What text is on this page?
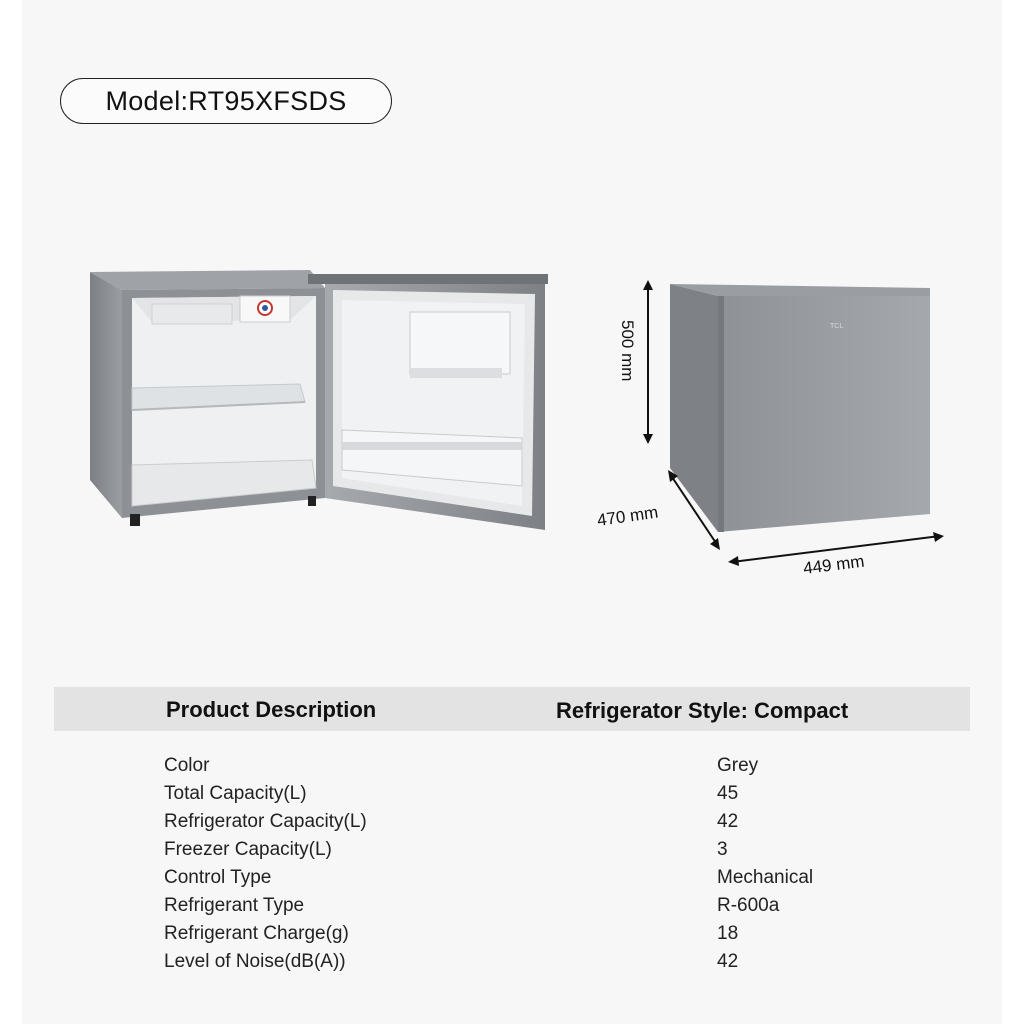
Model:RT95XFSDS
TCL
500 mm
470 mm
449 mm
Product Description	Refrigerator Style: Compact
Color	Grey
Total Capacity(L)	45
Refrigerator Capacity(L)	42
Freezer Capacity(L)	3
Control Type	Mechanical
Refrigerant Type	R-600a
Refrigerant Charge(g)	18
Level of Noise(dB(A))	42
